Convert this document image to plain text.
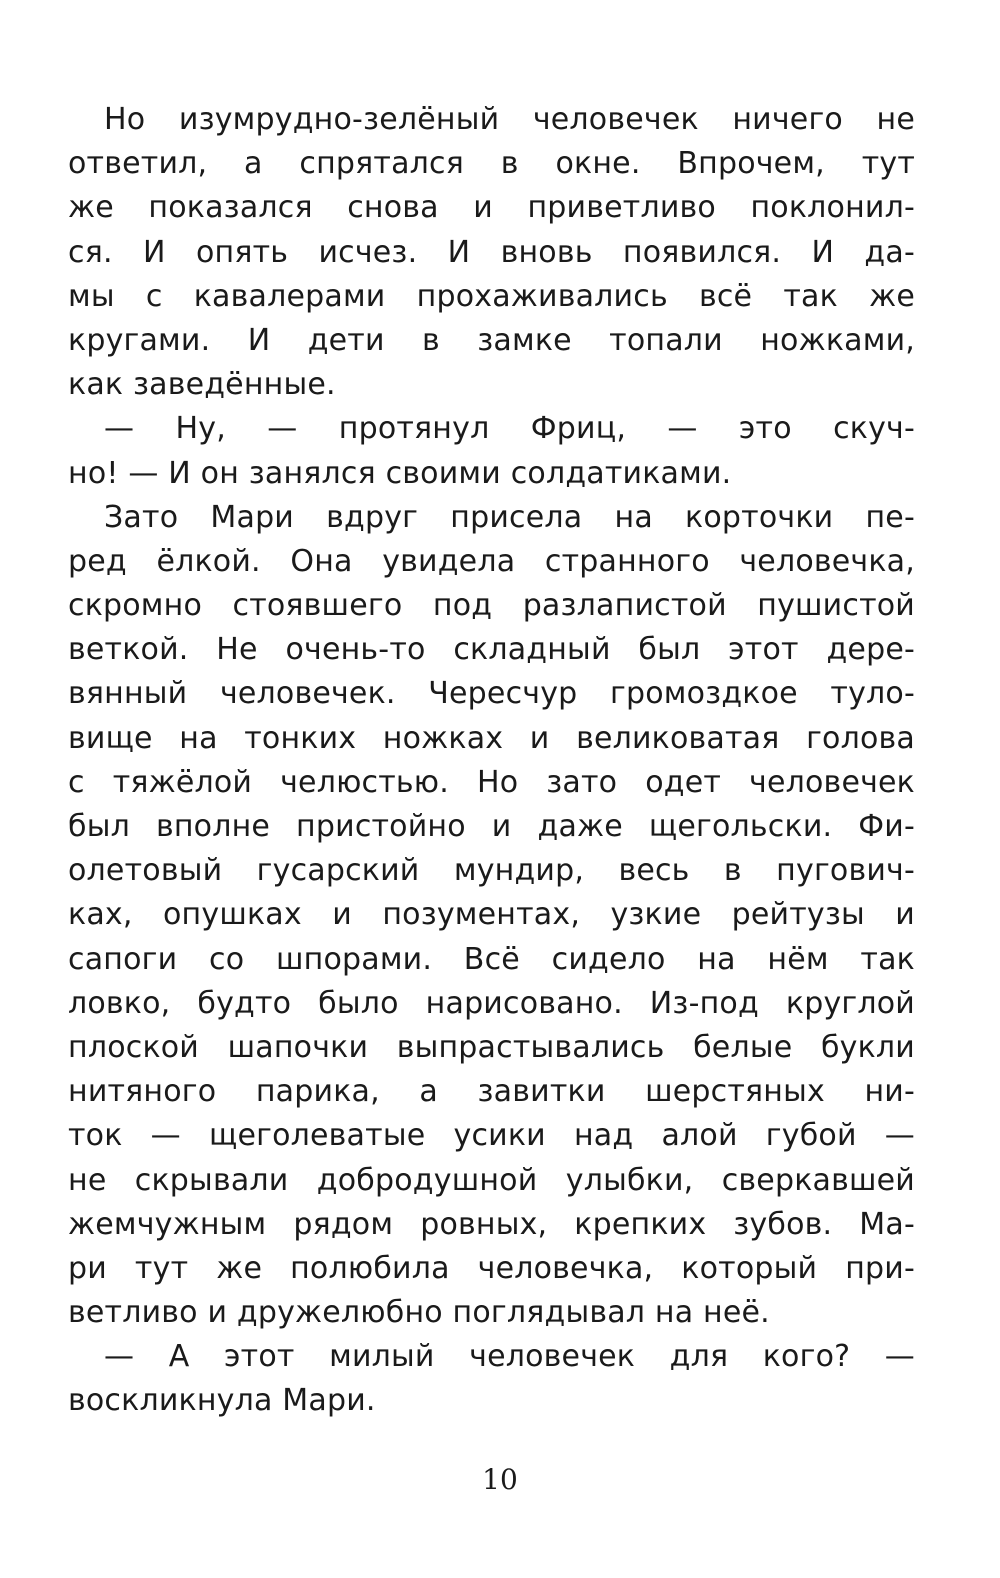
Но изумрудно-зелёный человечек ничего не
ответил, а спрятался в окне. Впрочем, тут
же показался снова и приветливо поклонил-
ся. И опять исчез. И вновь появился. И да-
мы с кавалерами прохаживались всё так же
кругами. И дети в замке топали ножками,
как заведённые.
— Ну, — протянул Фриц, — это скуч-
но! — И он занялся своими солдатиками.
Зато Мари вдруг присела на корточки пе-
ред ёлкой. Она увидела странного человечка,
скромно стоявшего под разлапистой пушистой
веткой. Не очень-то складный был этот дере-
вянный человечек. Чересчур громоздкое туло-
вище на тонких ножках и великоватая голова
с тяжёлой челюстью. Но зато одет человечек
был вполне пристойно и даже щегольски. Фи-
олетовый гусарский мундир, весь в пугович-
ках, опушках и позументах, узкие рейтузы и
сапоги со шпорами. Всё сидело на нём так
ловко, будто было нарисовано. Из-под круглой
плоской шапочки выпрастывались белые букли
нитяного парика, а завитки шерстяных ни-
ток — щеголеватые усики над алой губой —
не скрывали добродушной улыбки, сверкавшей
жемчужным рядом ровных, крепких зубов. Ма-
ри тут же полюбила человечка, который при-
ветливо и дружелюбно поглядывал на неё.
— А этот милый человечек для кого? —
воскликнула Мари.
10
